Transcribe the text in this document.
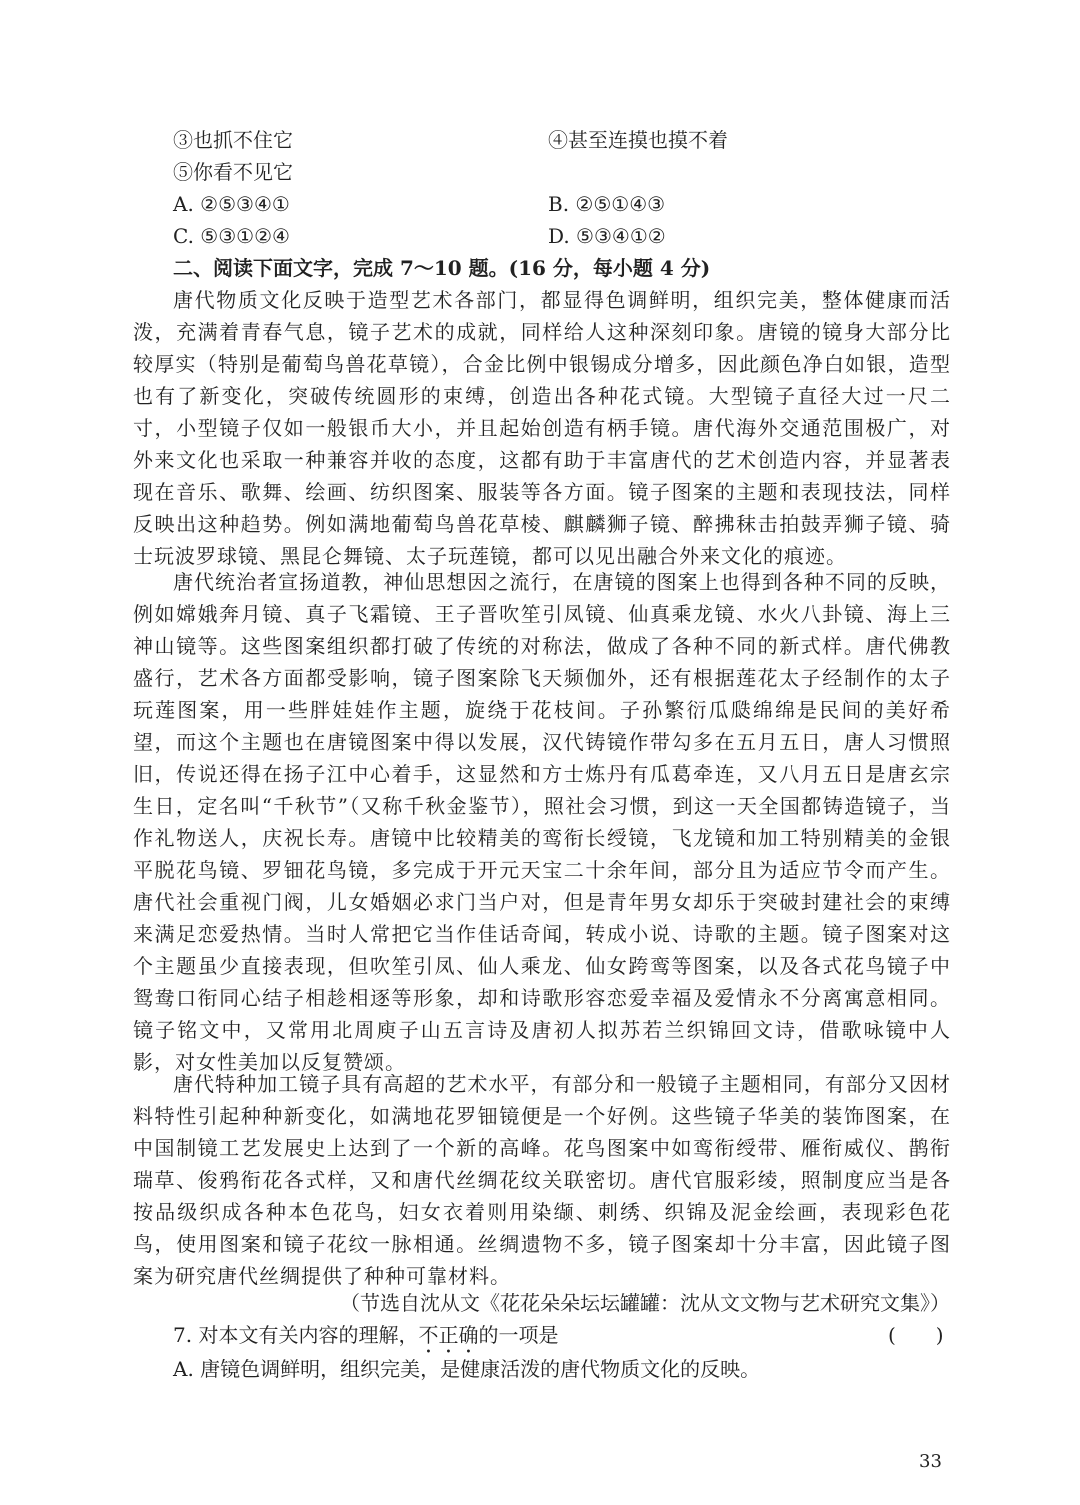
③也抓不住它	④甚至连摸也摸不着
⑤你看不见它
A. ②⑤③④①	B. ②⑤①④③
C. ⑤③①②④	D. ⑤③④①②
二、阅读下面文字，完成 7～10 题。(16 分，每小题 4 分)
唐代物质文化反映于造型艺术各部门，都显得色调鲜明，组织完美，整体健康而活泼，充满着青春气息，镜子艺术的成就，同样给人这种深刻印象。唐镜的镜身大部分比较厚实（特别是葡萄鸟兽花草镜），合金比例中银锡成分增多，因此颜色净白如银，造型也有了新变化，突破传统圆形的束缚，创造出各种花式镜。大型镜子直径大过一尺二寸，小型镜子仅如一般银币大小，并且起始创造有柄手镜。唐代海外交通范围极广，对外来文化也采取一种兼容并收的态度，这都有助于丰富唐代的艺术创造内容，并显著表现在音乐、歌舞、绘画、纺织图案、服装等各方面。镜子图案的主题和表现技法，同样反映出这种趋势。例如满地葡萄鸟兽花草棱、麒麟狮子镜、醉拂秣击拍鼓弄狮子镜、骑士玩波罗球镜、黑昆仑舞镜、太子玩莲镜，都可以见出融合外来文化的痕迹。
唐代统治者宣扬道教，神仙思想因之流行，在唐镜的图案上也得到各种不同的反映，例如嫦娥奔月镜、真子飞霜镜、王子晋吹笙引凤镜、仙真乘龙镜、水火八卦镜、海上三神山镜等。这些图案组织都打破了传统的对称法，做成了各种不同的新式样。唐代佛教盛行，艺术各方面都受影响，镜子图案除飞天频伽外，还有根据莲花太子经制作的太子玩莲图案，用一些胖娃娃作主题，旋绕于花枝间。子孙繁衍瓜瓞绵绵是民间的美好希望，而这个主题也在唐镜图案中得以发展，汉代铸镜作带勾多在五月五日，唐人习惯照旧，传说还得在扬子江中心着手，这显然和方士炼丹有瓜葛牵连，又八月五日是唐玄宗生日，定名叫“千秋节”（又称千秋金鉴节），照社会习惯，到这一天全国都铸造镜子，当作礼物送人，庆祝长寿。唐镜中比较精美的鸾衔长绶镜，飞龙镜和加工特别精美的金银平脱花鸟镜、罗钿花鸟镜，多完成于开元天宝二十余年间，部分且为适应节令而产生。唐代社会重视门阀，儿女婚姻必求门当户对，但是青年男女却乐于突破封建社会的束缚来满足恋爱热情。当时人常把它当作佳话奇闻，转成小说、诗歌的主题。镜子图案对这个主题虽少直接表现，但吹笙引凤、仙人乘龙、仙女跨鸾等图案，以及各式花鸟镜子中鸳鸯口衔同心结子相趁相逐等形象，却和诗歌形容恋爱幸福及爱情永不分离寓意相同。镜子铭文中，又常用北周庾子山五言诗及唐初人拟苏若兰织锦回文诗，借歌咏镜中人影，对女性美加以反复赞颂。
唐代特种加工镜子具有高超的艺术水平，有部分和一般镜子主题相同，有部分又因材料特性引起种种新变化，如满地花罗钿镜便是一个好例。这些镜子华美的装饰图案，在中国制镜工艺发展史上达到了一个新的高峰。花鸟图案中如鸾衔绶带、雁衔威仪、鹊衔瑞草、俊鸦衔花各式样，又和唐代丝绸花纹关联密切。唐代官服彩绫，照制度应当是各按品级织成各种本色花鸟，妇女衣着则用染缬、刺绣、织锦及泥金绘画，表现彩色花鸟，使用图案和镜子花纹一脉相通。丝绸遗物不多，镜子图案却十分丰富，因此镜子图案为研究唐代丝绸提供了种种可靠材料。
（节选自沈从文《花花朵朵坛坛罐罐：沈从文文物与艺术研究文集》）
7. 对本文有关内容的理解，不正确的一项是	(　　)
A. 唐镜色调鲜明，组织完美，是健康活泼的唐代物质文化的反映。
33
